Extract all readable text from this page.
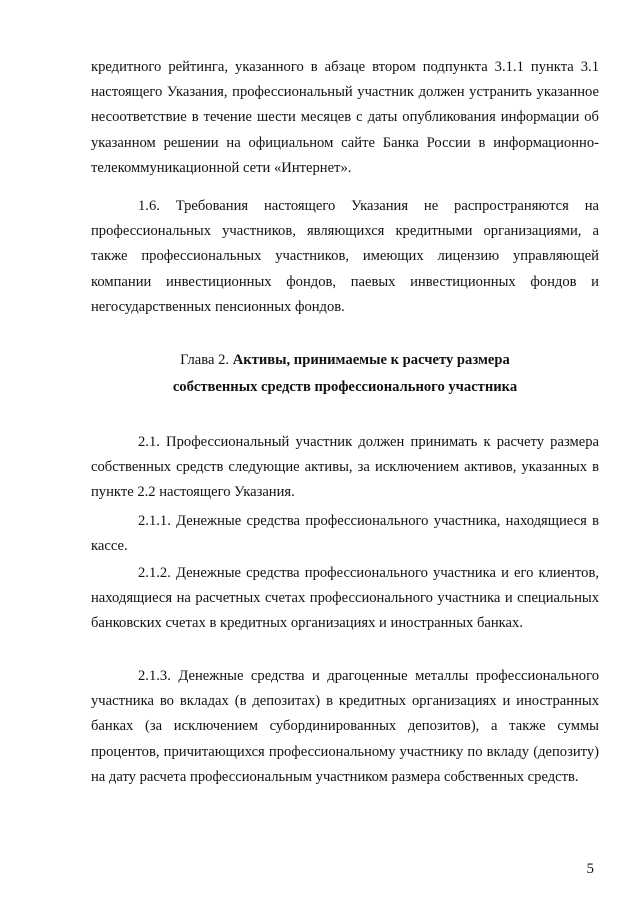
кредитного рейтинга, указанного в абзаце втором подпункта 3.1.1 пункта 3.1 настоящего Указания, профессиональный участник должен устранить указанное несоответствие в течение шести месяцев с даты опубликования информации об указанном решении на официальном сайте Банка России в информационно-телекоммуникационной сети «Интернет».

1.6. Требования настоящего Указания не распространяются на профессиональных участников, являющихся кредитными организациями, а также профессиональных участников, имеющих лицензию управляющей компании инвестиционных фондов, паевых инвестиционных фондов и негосударственных пенсионных фондов.

Глава 2. Активы, принимаемые к расчету размера собственных средств профессионального участника

2.1. Профессиональный участник должен принимать к расчету размера собственных средств следующие активы, за исключением активов, указанных в пункте 2.2 настоящего Указания.

2.1.1. Денежные средства профессионального участника, находящиеся в кассе.

2.1.2. Денежные средства профессионального участника и его клиентов, находящиеся на расчетных счетах профессионального участника и специальных банковских счетах в кредитных организациях и иностранных банках.

2.1.3. Денежные средства и драгоценные металлы профессионального участника во вкладах (в депозитах) в кредитных организациях и иностранных банках (за исключением субординированных депозитов), а также суммы процентов, причитающихся профессиональному участнику по вкладу (депозиту) на дату расчета профессиональным участником размера собственных средств.

5
